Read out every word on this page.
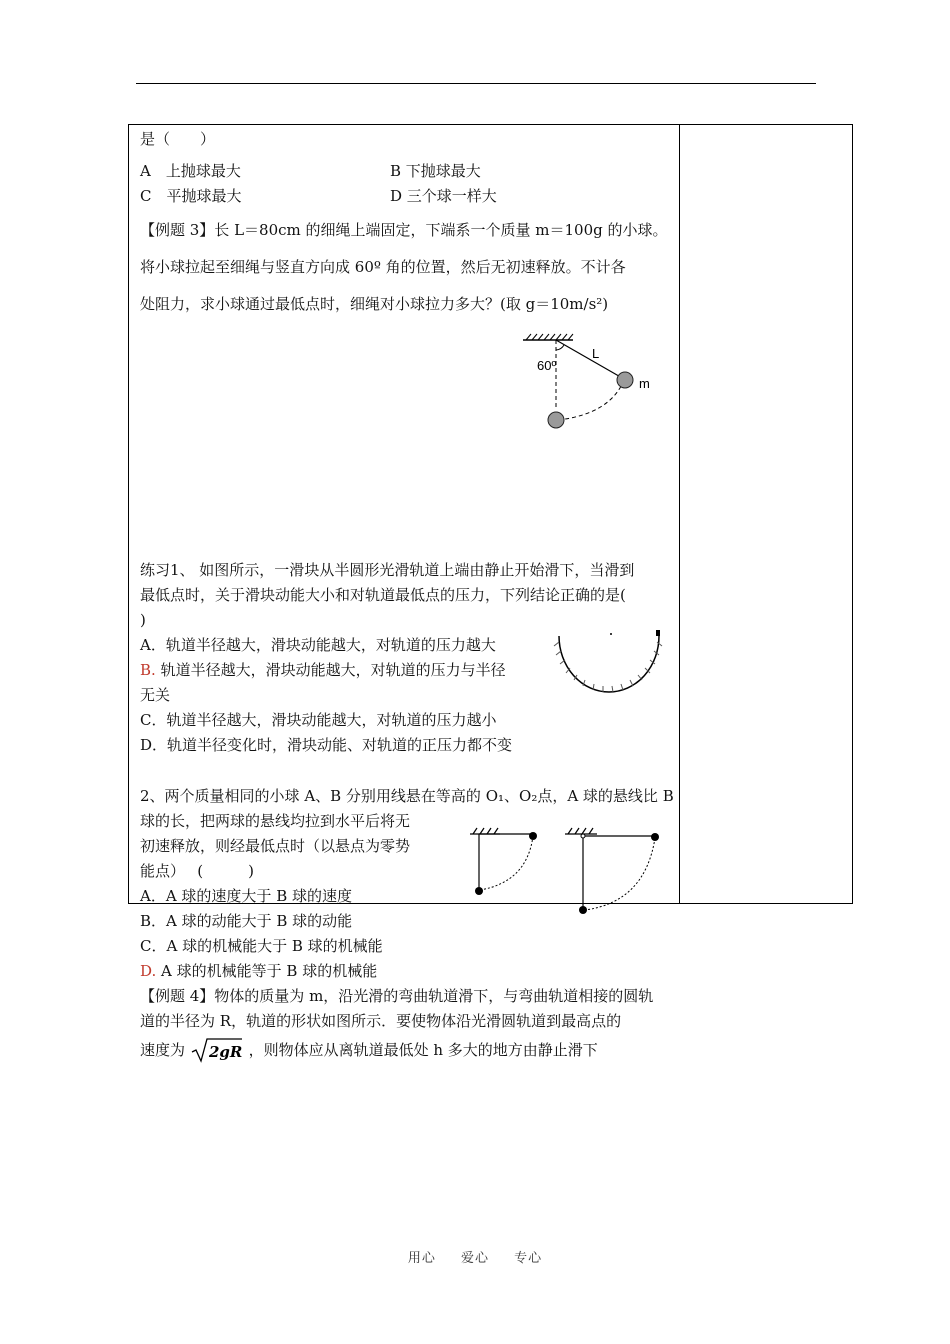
是（　　）
A　上抛球最大	B 下抛球最大
C　平抛球最大	D 三个球一样大
【例题 3】长 L＝80cm 的细绳上端固定，下端系一个质量 m＝100g 的小球。
将小球拉起至细绳与竖直方向成 60º 角的位置，然后无初速释放。不计各
处阻力，求小球通过最低点时，细绳对小球拉力多大？(取 g＝10m/s²)
60º
L
m
练习1、 如图所示，一滑块从半圆形光滑轨道上端由静止开始滑下，当滑到
最低点时，关于滑块动能大小和对轨道最低点的压力，下列结论正确的是(
)
A．轨道半径越大，滑块动能越大，对轨道的压力越大
B. 轨道半径越大，滑块动能越大，对轨道的压力与半径
无关
C．轨道半径越大，滑块动能越大，对轨道的压力越小
D．轨道半径变化时，滑块动能、对轨道的正压力都不变
2、两个质量相同的小球 A、B 分别用线悬在等高的 O₁、O₂点，A 球的悬线比 B
球的长，把两球的悬线均拉到水平后将无
初速释放，则经最低点时（以悬点为零势
能点）　 (　　　)
A．A 球的速度大于 B 球的速度
B．A 球的动能大于 B 球的动能
C．A 球的机械能大于 B 球的机械能
D. A 球的机械能等于 B 球的机械能
【例题 4】物体的质量为 m，沿光滑的弯曲轨道滑下，与弯曲轨道相接的圆轨
道的半径为 R，轨道的形状如图所示．要使物体沿光滑圆轨道到最高点的
速度为 2gR ，则物体应从离轨道最低处 h 多大的地方由静止滑下
用心 爱心 专心
